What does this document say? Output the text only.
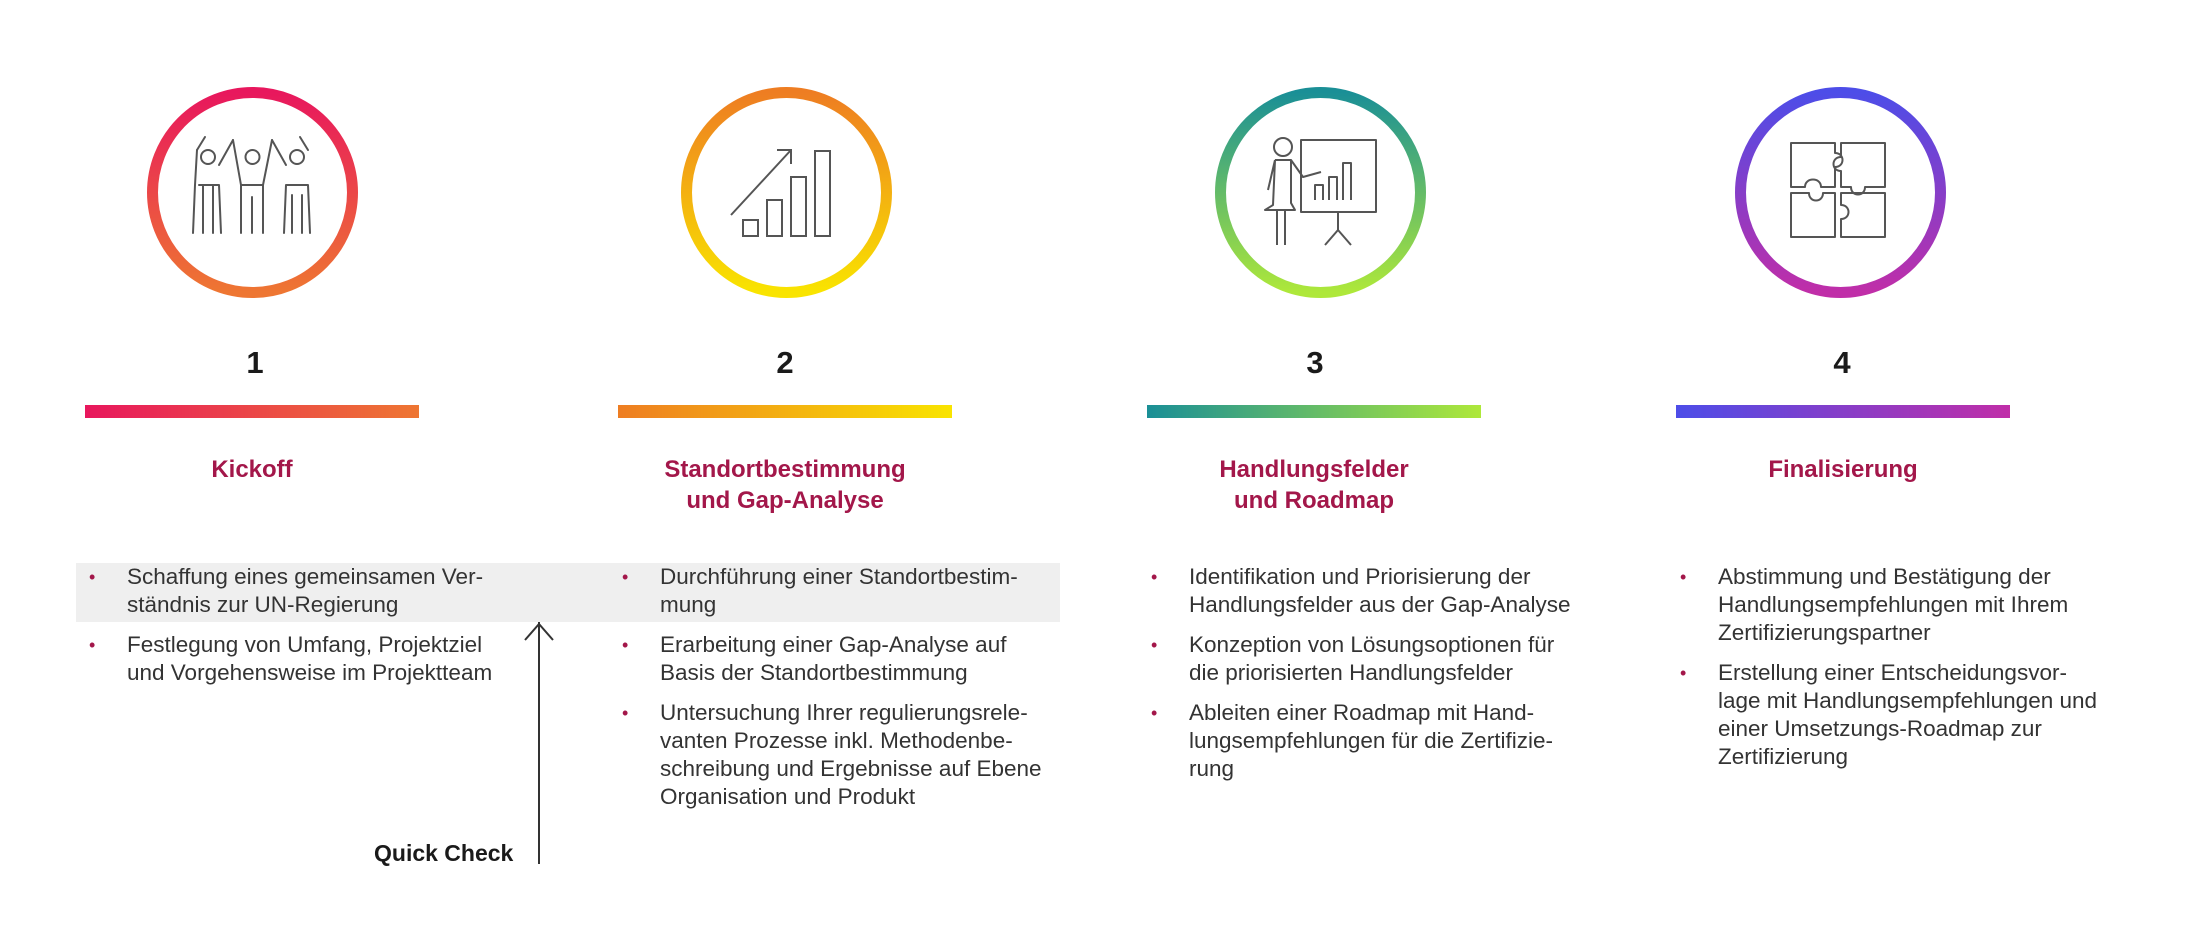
1
Kickoff
• Schaffung eines gemeinsamen Ver-
ständnis zur UN-Regierung
• Festlegung von Umfang, Projektziel
und Vorgehensweise im Projektteam
2
Standortbestimmung
und Gap-Analyse
• Durchführung einer Standortbestim-
mung
• Erarbeitung einer Gap-Analyse auf
Basis der Standortbestimmung
• Untersuchung Ihrer regulierungsrele-
vanten Prozesse inkl. Methodenbe-
schreibung und Ergebnisse auf Ebene
Organisation und Produkt
3
Handlungsfelder
und Roadmap
• Identifikation und Priorisierung der
Handlungsfelder aus der Gap-Analyse
• Konzeption von Lösungsoptionen für
die priorisierten Handlungsfelder
• Ableiten einer Roadmap mit Hand-
lungsempfehlungen für die Zertifizie-
rung
4
Finalisierung
• Abstimmung und Bestätigung der
Handlungsempfehlungen mit Ihrem
Zertifizierungspartner
• Erstellung einer Entscheidungsvor-
lage mit Handlungsempfehlungen und
einer Umsetzungs-Roadmap zur
Zertifizierung
Quick Check
